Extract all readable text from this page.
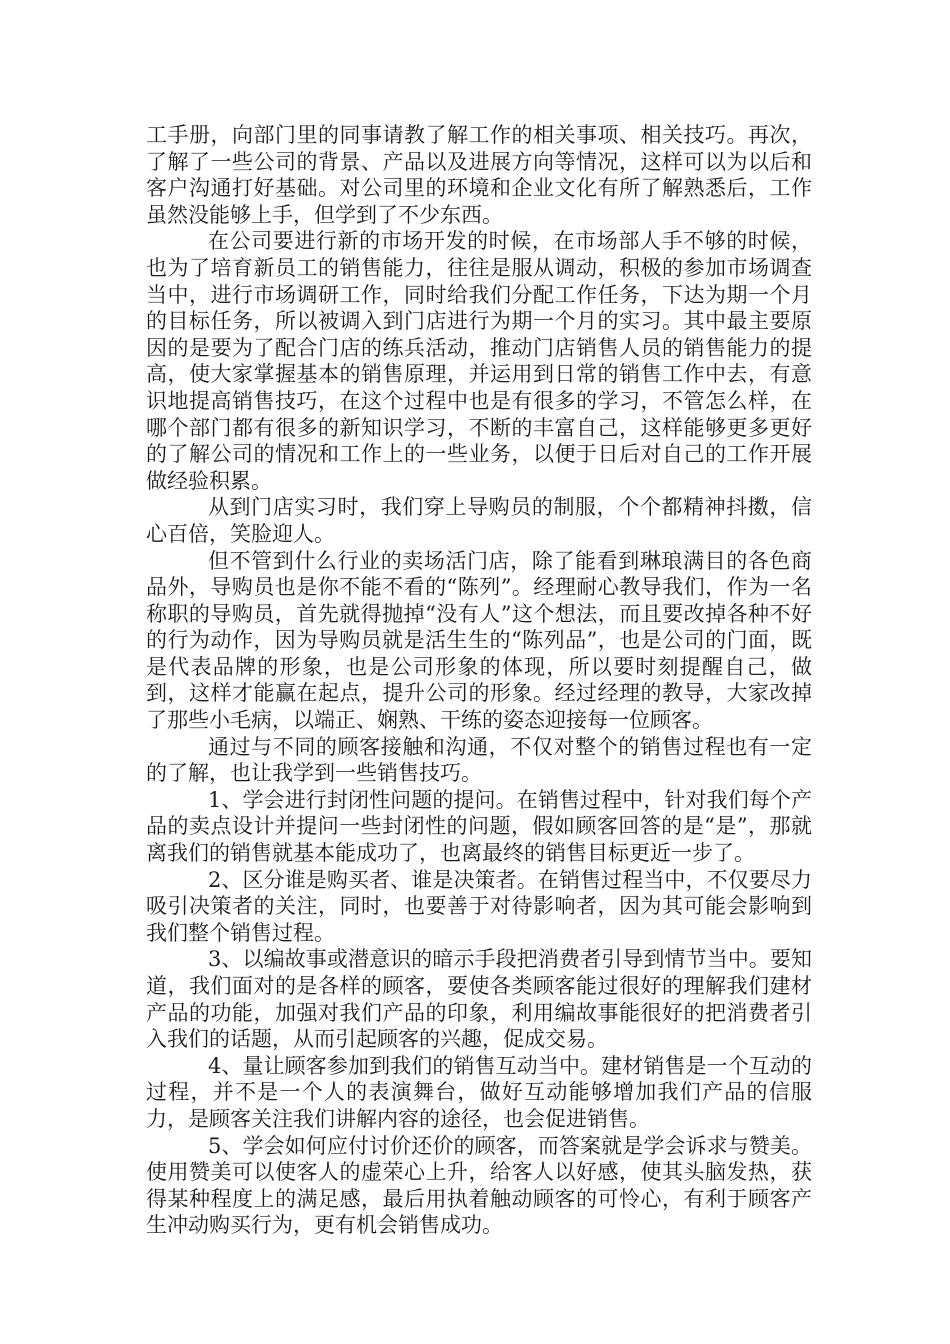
工手册，向部门里的同事请教了解工作的相关事项、相关技巧。再次，了解了一些公司的背景、产品以及进展方向等情况，这样可以为以后和客户沟通打好基础。对公司里的环境和企业文化有所了解熟悉后，工作虽然没能够上手，但学到了不少东西。

在公司要进行新的市场开发的时候，在市场部人手不够的时候，也为了培育新员工的销售能力，往往是服从调动，积极的参加市场调查当中，进行市场调研工作，同时给我们分配工作任务，下达为期一个月的目标任务，所以被调入到门店进行为期一个月的实习。其中最主要原因的是要为了配合门店的练兵活动，推动门店销售人员的销售能力的提高，使大家掌握基本的销售原理，并运用到日常的销售工作中去，有意识地提高销售技巧，在这个过程中也是有很多的学习，不管怎么样，在哪个部门都有很多的新知识学习，不断的丰富自己，这样能够更多更好的了解公司的情况和工作上的一些业务，以便于日后对自己的工作开展做经验积累。

从到门店实习时，我们穿上导购员的制服，个个都精神抖擞，信心百倍，笑脸迎人。

但不管到什么行业的卖场活门店，除了能看到琳琅满目的各色商品外，导购员也是你不能不看的“陈列”。经理耐心教导我们，作为一名称职的导购员，首先就得抛掉“没有人”这个想法，而且要改掉各种不好的行为动作，因为导购员就是活生生的“陈列品”，也是公司的门面，既是代表品牌的形象，也是公司形象的体现，所以要时刻提醒自己，做到，这样才能赢在起点，提升公司的形象。经过经理的教导，大家改掉了那些小毛病，以端正、娴熟、干练的姿态迎接每一位顾客。

通过与不同的顾客接触和沟通，不仅对整个的销售过程也有一定的了解，也让我学到一些销售技巧。

1、学会进行封闭性问题的提问。在销售过程中，针对我们每个产品的卖点设计并提问一些封闭性的问题，假如顾客回答的是“是”，那就离我们的销售就基本能成功了，也离最终的销售目标更近一步了。

2、区分谁是购买者、谁是决策者。在销售过程当中，不仅要尽力吸引决策者的关注，同时，也要善于对待影响者，因为其可能会影响到我们整个销售过程。

3、以编故事或潜意识的暗示手段把消费者引导到情节当中。要知道，我们面对的是各样的顾客，要使各类顾客能过很好的理解我们建材产品的功能，加强对我们产品的印象，利用编故事能很好的把消费者引入我们的话题，从而引起顾客的兴趣，促成交易。

4、量让顾客参加到我们的销售互动当中。建材销售是一个互动的过程，并不是一个人的表演舞台，做好互动能够增加我们产品的信服力，是顾客关注我们讲解内容的途径，也会促进销售。

5、学会如何应付讨价还价的顾客，而答案就是学会诉求与赞美。使用赞美可以使客人的虚荣心上升，给客人以好感，使其头脑发热，获得某种程度上的满足感，最后用执着触动顾客的可怜心，有利于顾客产生冲动购买行为，更有机会销售成功。
